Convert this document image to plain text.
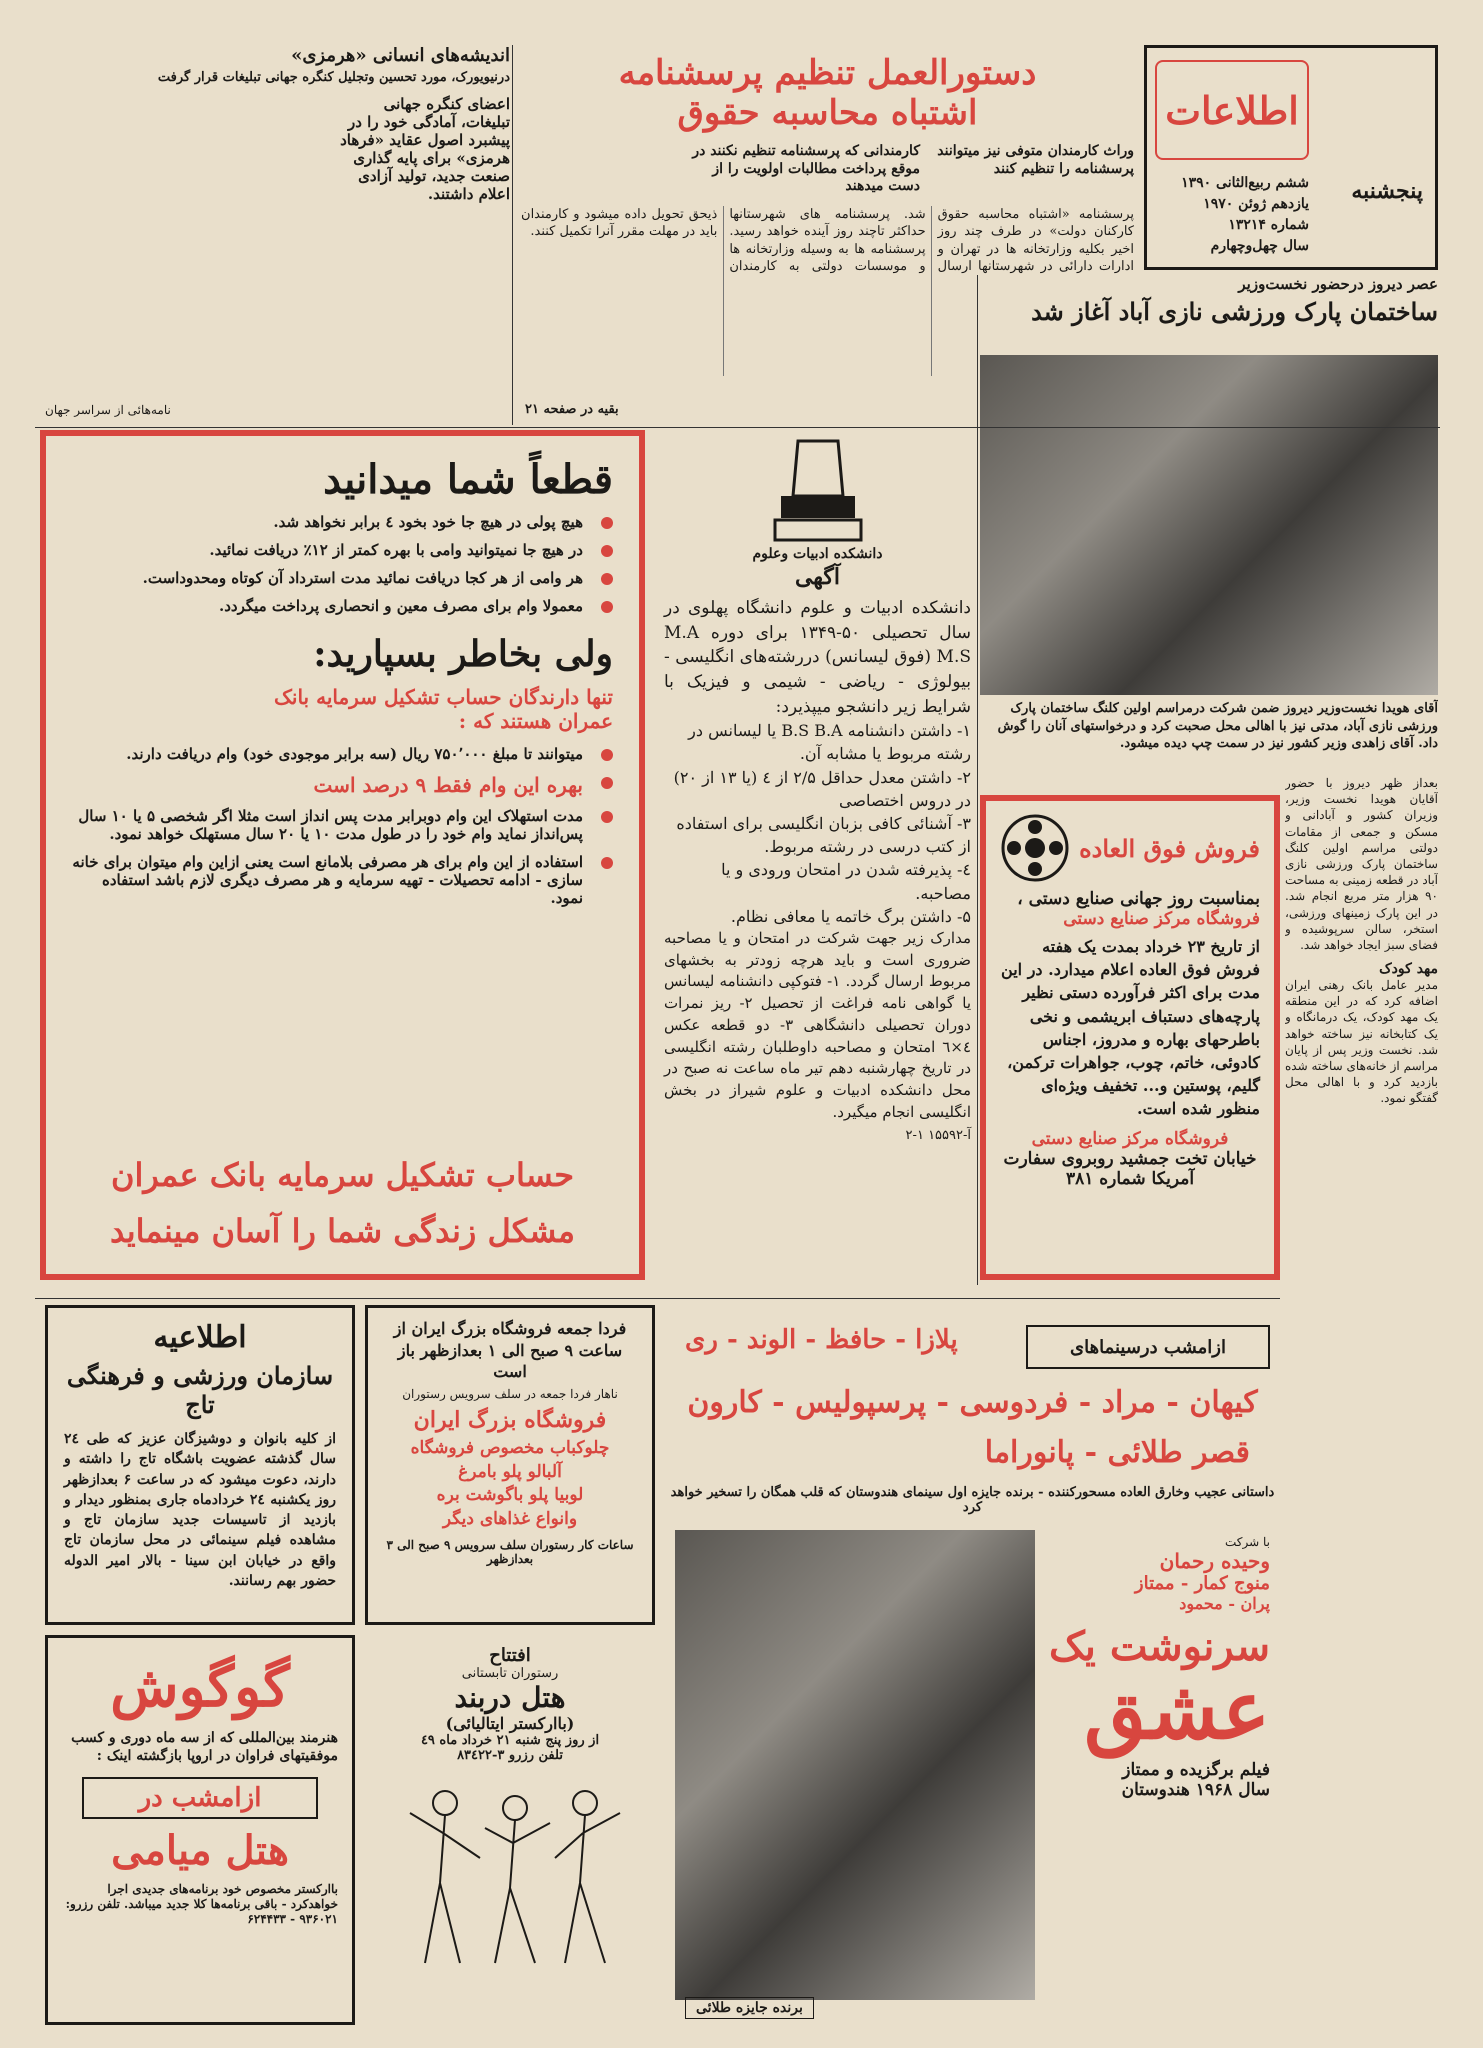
اطلاعات
پنجشنبه
ششم ربیع‌الثانی ۱۳۹۰
یازدهم ژوئن ۱۹۷۰
شماره ۱۳۲۱۴
سال چهل‌وچهارم
دستورالعمل تنظیم پرسشنامه
اشتباه محاسبه حقوق

وراث کارمندان متوفی نیز میتوانند پرسشنامه را تنظیم کنند

کارمندانی که پرسشنامه تنظیم نکنند در موقع پرداخت مطالبات اولویت را از دست میدهند

پرسشنامه «اشتباه محاسبه حقوق کارکنان دولت» در طرف چند روز اخیر بکلیه وزارتخانه ها در تهران و ادارات دارائی در شهرستانها ارسال شد. پرسشنامه های شهرستانها حداکثر تاچند روز آینده خواهد رسید. پرسشنامه ها به وسیله وزارتخانه ها و موسسات دولتی به کارمندان ذیحق تحویل داده میشود و کارمندان باید در مهلت مقرر آنرا تکمیل کنند.
بقیه در صفحه ۲۱
اندیشه‌های انسانی «هرمزی»
درنیویورک، مورد تحسین وتجلیل کنگره جهانی تبلیغات قرار گرفت
اعضای کنگره جهانی تبلیغات، آمادگی خود را در پیشبرد اصول عقاید «فرهاد هرمزی» برای پایه گذاری صنعت جدید، تولید آزادی اعلام داشتند.
نامه‌هائی از سراسر جهان
عصر دیروز درحضور نخست‌وزیر
ساختمان پارک ورزشی نازی آباد آغاز شد
آقای هویدا نخست‌وزیر دیروز ضمن شرکت درمراسم اولین کلنگ ساختمان پارک ورزشی نازی آباد، مدتی نیز با اهالی محل صحبت کرد و درخواستهای آنان را گوش داد. آقای زاهدی وزیر کشور نیز در سمت چپ دیده میشود.
قطعاً شما میدانید
هیچ پولی در هیچ جا خود بخود ٤ برابر نخواهد شد.
در هیچ جا نمیتوانید وامی با بهره کمتر از ١٢٪ دریافت نمائید.
هر وامی از هر کجا دریافت نمائید مدت استرداد آن کوتاه ومحدوداست.
معمولا وام برای مصرف معین و انحصاری پرداخت میگردد.
ولی بخاطر بسپارید:
تنها دارندگان حساب تشکیل سرمایه بانک عمران هستند که :
میتوانند تا مبلغ ۷۵۰٬۰۰۰ ریال (سه برابر موجودی خود) وام دریافت دارند.
بهره این وام فقط ۹ درصد است
مدت استهلاک این وام دوبرابر مدت پس انداز است مثلا اگر شخصی ۵ یا ۱۰ سال پس‌انداز نماید وام خود را در طول مدت ۱۰ یا ۲۰ سال مستهلک خواهد نمود.
استفاده از این وام برای هر مصرفی بلامانع است یعنی ازاین وام میتوان برای خانه سازی - ادامه تحصیلات - تهیه سرمایه و هر مصرف دیگری لازم باشد استفاده نمود.
حساب تشکیل سرمایه بانک عمران
مشکل زندگی شما را آسان مینماید
دانشکده ادبیات وعلوم
آگهی

دانشکده ادبیات و علوم دانشگاه پهلوی در سال تحصیلی ۵۰-۱۳۴۹ برای دوره M.A M.S (فوق لیسانس) دررشته‌های انگلیسی - بیولوژی - ریاضی - شیمی و فیزیک با شرایط زیر دانشجو میپذیرد:

۱- داشتن دانشنامه B.S B.A یا لیسانس در رشته مربوط یا مشابه آن.

۲- داشتن معدل حداقل ۲/۵ از ٤ (یا ۱۳ از ۲۰) در دروس اختصاصی

۳- آشنائی کافی بزبان انگلیسی برای استفاده از کتب درسی در رشته مربوط.

٤- پذیرفته شدن در امتحان ورودی و یا مصاحبه.

۵- داشتن برگ خاتمه یا معافی نظام.

مدارک زیر جهت شرکت در امتحان و یا مصاحبه ضروری است و باید هرچه زودتر به بخشهای مربوط ارسال گردد. ۱- فتوکپی دانشنامه لیسانس یا گواهی نامه فراغت از تحصیل ۲- ریز نمرات دوران تحصیلی دانشگاهی ۳- دو قطعه عکس ٤×٦ امتحان و مصاحبه داوطلبان رشته انگلیسی در تاریخ چهارشنبه دهم تیر ماه ساعت نه صبح در محل دانشکده ادبیات و علوم شیراز در بخش انگلیسی انجام میگیرد.

آ-۱۵۵۹۲ ۱-۲
فروش فوق العاده
بمناسبت روز جهانی صنایع دستی ،
فروشگاه مرکز صنایع دستی

از تاریخ ۲۳ خرداد بمدت یک هفته فروش فوق العاده اعلام میدارد. در این مدت برای اکثر فرآورده دستی نظیر پارچه‌های دستباف ابریشمی و نخی باطرحهای بهاره و مدروز، اجناس کادوئی، خاتم، چوب، جواهرات ترکمن، گلیم، پوستین و... تخفیف ویژه‌ای منظور شده است.

فروشگاه مرکز صنایع دستی
خیابان تخت جمشید روبروی سفارت آمریکا شماره ۳۸۱

بعداز ظهر دیروز با حضور آقایان هویدا نخست وزیر، وزیران کشور و آبادانی و مسکن و جمعی از مقامات دولتی مراسم اولین کلنگ ساختمان پارک ورزشی نازی آباد در قطعه زمینی به مساحت ۹۰ هزار متر مربع انجام شد. در این پارک زمینهای ورزشی، استخر، سالن سرپوشیده و فضای سبز ایجاد خواهد شد.

مهد کودک

مدیر عامل بانک رهنی ایران اضافه کرد که در این منطقه یک مهد کودک، یک درمانگاه و یک کتابخانه نیز ساخته خواهد شد. نخست وزیر پس از پایان مراسم از خانه‌های ساخته شده بازدید کرد و با اهالی محل گفتگو نمود.

اطلاعیه
سازمان ورزشی و فرهنگی تاج

از کلیه بانوان و دوشیزگان عزیز که طی ۲٤ سال گذشته عضویت باشگاه تاج را داشته و دارند، دعوت میشود که در ساعت ۶ بعدازظهر روز یکشنبه ۲٤ خردادماه جاری بمنظور دیدار و بازدید از تاسیسات جدید سازمان تاج و مشاهده فیلم سینمائی در محل سازمان تاج واقع در خیابان ابن سینا - بالار امیر الدوله حضور بهم رسانند.

فردا جمعه فروشگاه بزرگ ایران از ساعت ۹ صبح الی ۱ بعدازظهر باز است
ناهار فردا جمعه در سلف سرویس رستوران
فروشگاه بزرگ ایران
چلوکباب مخصوص فروشگاه
آلبالو پلو بامرغ
لوبیا پلو باگوشت بره
وانواع غذاهای دیگر
ساعات کار رستوران سلف سرویس ۹ صبح الی ۳ بعدازظهر
پلازا - حافظ - الوند - ری	ازامشب درسینماهای
کیهان - مراد - فردوسی - پرسپولیس - کارون
قصر طلائی - پانوراما
داستانی عجیب وخارق العاده مسحورکننده - برنده جایزه اول سینمای هندوستان که قلب همگان را تسخیر خواهد کرد
با شرکت
وحیده رحمان
منوج کمار - ممتاز
پران - محمود
سرنوشت یک
عشق
فیلم برگزیده و ممتاز
سال ۱۹۶۸ هندوستان
برنده جایزه طلائی
گوگوش

هنرمند بین‌المللی که از سه ماه دوری و کسب موفقیتهای فراوان در اروپا بازگشته اینک :

ازامشب در
هتل میامی

باارکستر مخصوص خود برنامه‌های جدیدی اجرا خواهدکرد - باقی برنامه‌ها کلا جدید میباشد. تلفن رزرو: ۹۳۶۰۲۱ - ۶۲۴۴۳۳

افتتاح
رستوران تابستانی
هتل دربند
(باارکستر ایتالیائی)
از روز پنج شنبه ۲۱ خرداد ماه ٤۹
تلفن رزرو ۳-۸۳٤۲۲
